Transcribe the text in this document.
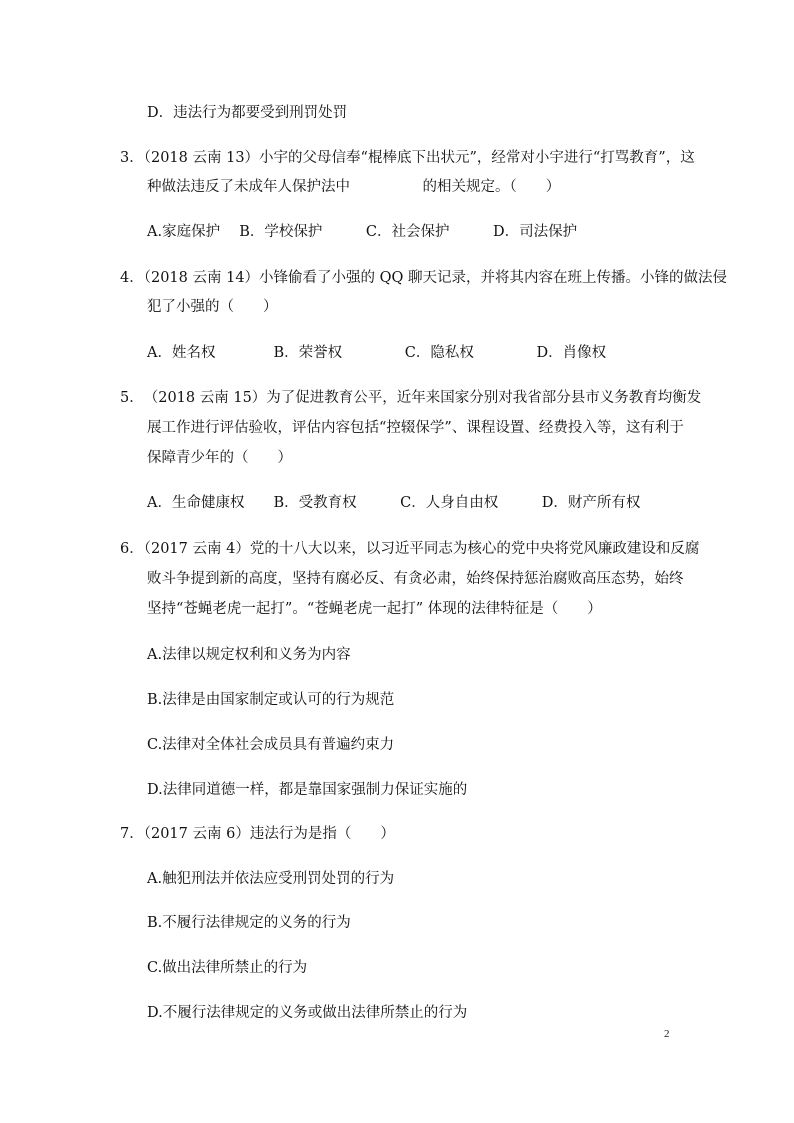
D．违法行为都要受到刑罚处罚
3．（2018 云南 13）小宇的父母信奉“棍棒底下出状元”，经常对小宇进行“打骂教育”，这
种做法违反了未成年人保护法中　　　　　的相关规定。（　　）
A.家庭保护　 B．学校保护　　　C．社会保护　　　D．司法保护
4．（2018 云南 14）小锋偷看了小强的 QQ 聊天记录，并将其内容在班上传播。小锋的做法侵
犯了小强的（　　）
A．姓名权　　　　B．荣誉权　　　　 C．隐私权　　　　 D．肖像权
5．　（2018 云南 15）为了促进教育公平，近年来国家分别对我省部分县市义务教育均衡发
展工作进行评估验收，评估内容包括“控辍保学”、课程设置、经费投入等，这有利于
保障青少年的（　　）
A．生命健康权　　B．受教育权　　　C．人身自由权　　　D．财产所有权
6．（2017 云南 4）党的十八大以来，以习近平同志为核心的党中央将党风廉政建设和反腐
败斗争提到新的高度，坚持有腐必反、有贪必肃，始终保持惩治腐败高压态势，始终
坚持“苍蝇老虎一起打”。“苍蝇老虎一起打” 体现的法律特征是（　　）
A.法律以规定权利和义务为内容
B.法律是由国家制定或认可的行为规范
C.法律对全体社会成员具有普遍约束力
D.法律同道德一样，都是靠国家强制力保证实施的
7．（2017 云南 6）违法行为是指（　　）
A.触犯刑法并依法应受刑罚处罚的行为
B.不履行法律规定的义务的行为
C.做出法律所禁止的行为
D.不履行法律规定的义务或做出法律所禁止的行为
2
